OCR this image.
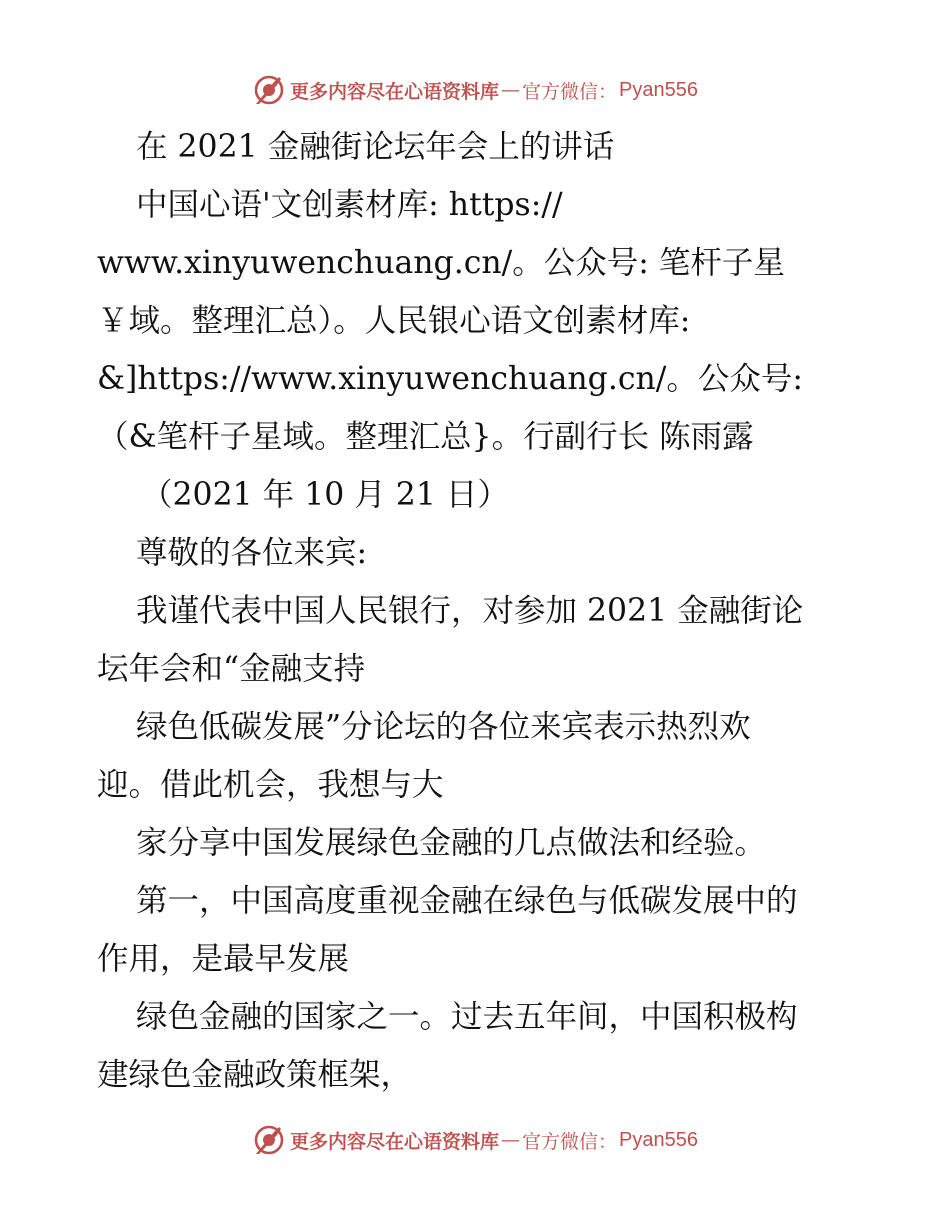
更多内容尽在心语资料库 — 官方微信： Pyan556
在 2021 金融街论坛年会上的讲话
中国心语'文创素材库: https://
www.xinyuwenchuang.cn/。公众号: 笔杆子星
￥域。整理汇总）。人民银心语文创素材库:
&]https://www.xinyuwenchuang.cn/。公众号:
（&笔杆子星域。整理汇总}。行副行长 陈雨露
（2021 年 10 月 21 日）
尊敬的各位来宾:
我谨代表中国人民银行，对参加 2021 金融街论
坛年会和“金融支持
绿色低碳发展”分论坛的各位来宾表示热烈欢
迎。借此机会，我想与大
家分享中国发展绿色金融的几点做法和经验。
第一，中国高度重视金融在绿色与低碳发展中的
作用，是最早发展
绿色金融的国家之一。过去五年间，中国积极构
建绿色金融政策框架，
更多内容尽在心语资料库 — 官方微信： Pyan556
